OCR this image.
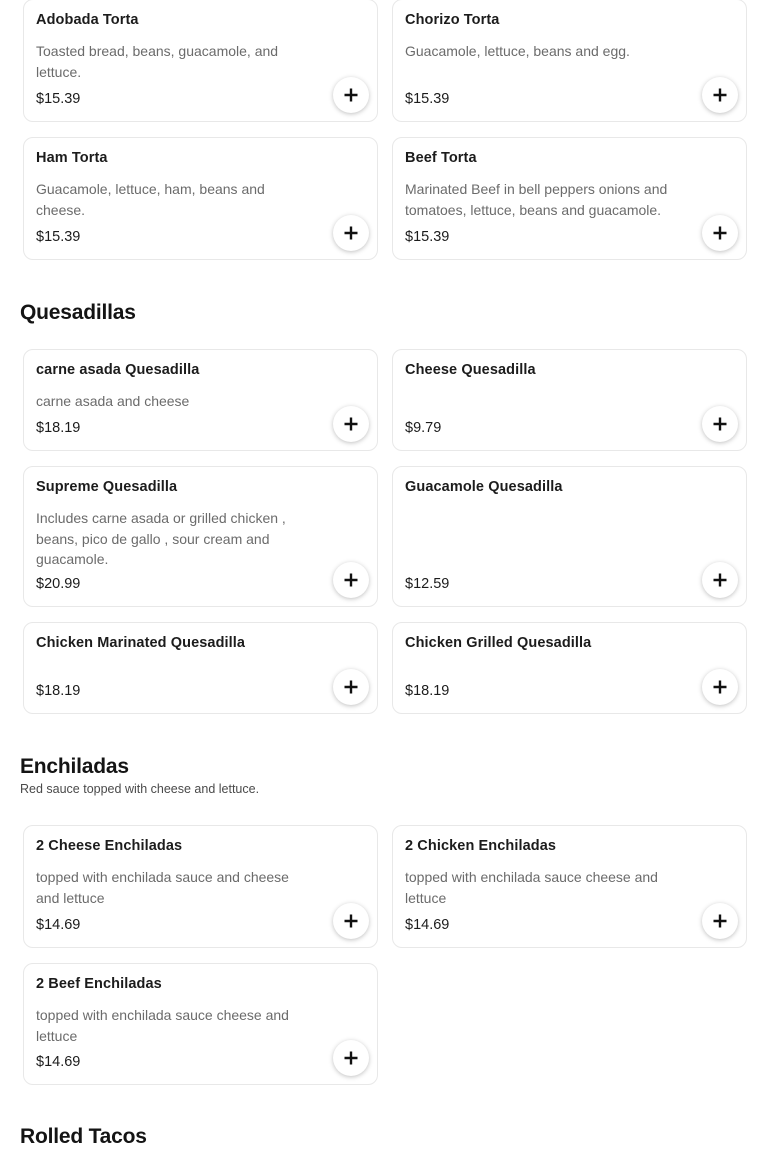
Adobada Torta
Toasted bread, beans, guacamole, and lettuce.
$15.39
Chorizo Torta
Guacamole, lettuce, beans and egg.
$15.39
Ham Torta
Guacamole, lettuce, ham, beans and cheese.
$15.39
Beef Torta
Marinated Beef in bell peppers onions and tomatoes, lettuce, beans and guacamole.
$15.39
Quesadillas
carne asada Quesadilla
carne asada and cheese
$18.19
Cheese Quesadilla
$9.79
Supreme Quesadilla
Includes carne asada or grilled chicken , beans, pico de gallo , sour cream and guacamole.
$20.99
Guacamole Quesadilla
$12.59
Chicken Marinated Quesadilla
$18.19
Chicken Grilled Quesadilla
$18.19
Enchiladas
Red sauce topped with cheese and lettuce.
2 Cheese Enchiladas
topped with enchilada sauce and cheese and lettuce
$14.69
2 Chicken Enchiladas
topped with enchilada sauce cheese and lettuce
$14.69
2 Beef Enchiladas
topped with enchilada sauce cheese and lettuce
$14.69
Rolled Tacos
